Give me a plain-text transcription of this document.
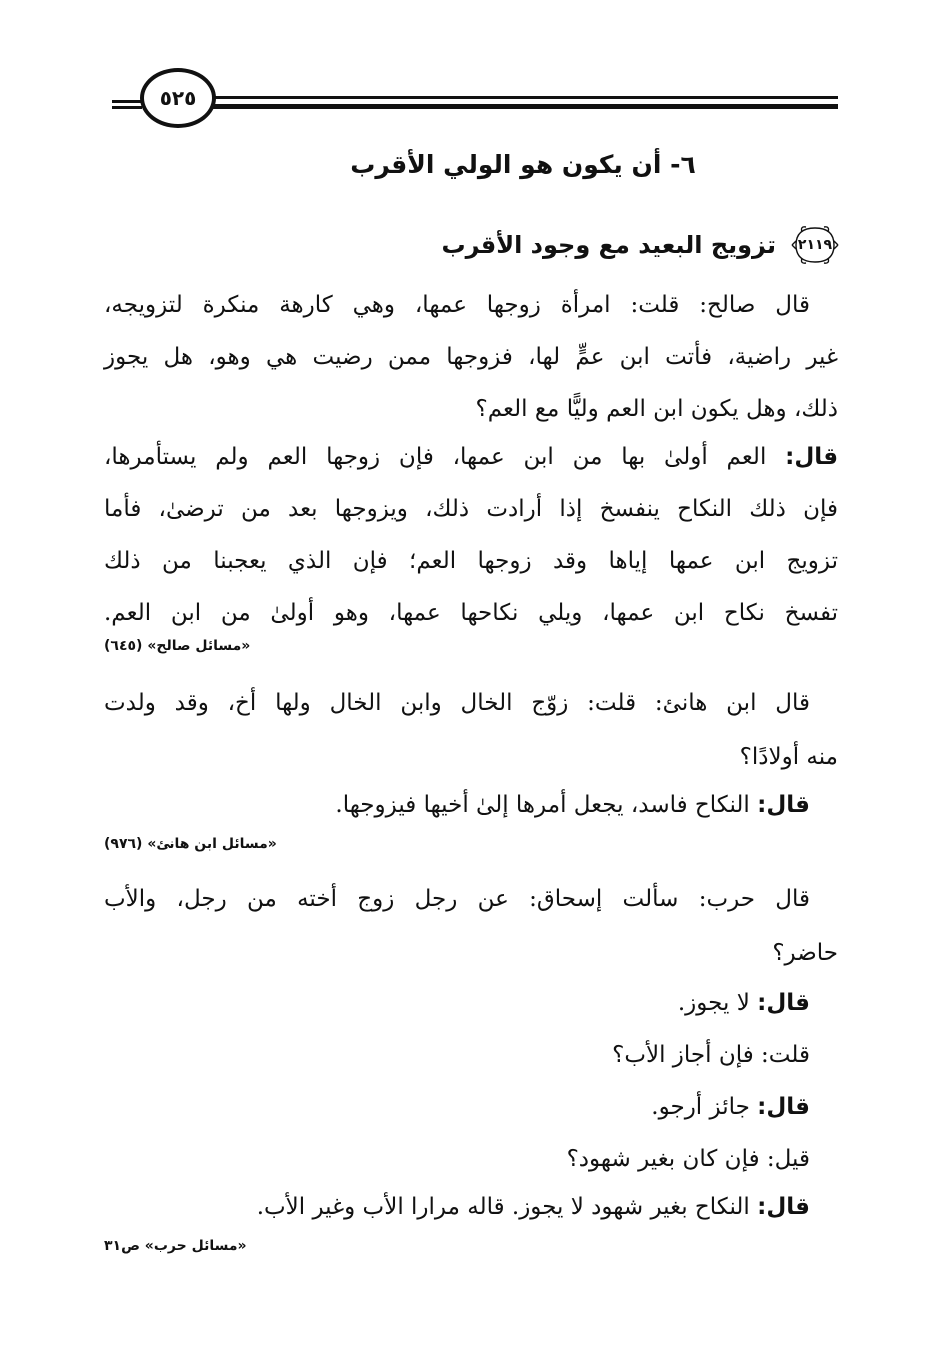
٥٢٥
٦- أن يكون هو الولي الأقرب
٢١١٩
تزويج البعيد مع وجود الأقرب
قال صالح: قلت: امرأة زوجها عمها، وهي كارهة منكرة لتزويجه،
غير راضية، فأتت ابن عمٍّ لها، فزوجها ممن رضيت هي وهو، هل يجوز
ذلك، وهل يكون ابن العم وليًّا مع العم؟
قال: العم أولىٰ بها من ابن عمها، فإن زوجها العم ولم يستأمرها،
فإن ذلك النكاح ينفسخ إذا أرادت ذلك، ويزوجها بعد من ترضىٰ، فأما
تزويج ابن عمها إياها وقد زوجها العم؛ فإن الذي يعجبنا من ذلك
تفسخ نكاح ابن عمها، ويلي نكاحها عمها، وهو أولىٰ من ابن العم.
«مسائل صالح» (٦٤٥)
قال ابن هانئ: قلت: زوّج الخال وابن الخال ولها أخ، وقد ولدت
منه أولادًا؟
قال: النكاح فاسد، يجعل أمرها إلىٰ أخيها فيزوجها.
«مسائل ابن هانئ» (٩٧٦)
قال حرب: سألت إسحاق: عن رجل زوج أخته من رجل، والأب
حاضر؟
قال: لا يجوز.
قلت: فإن أجاز الأب؟
قال: جائز أرجو.
قيل: فإن كان بغير شهود؟
قال: النكاح بغير شهود لا يجوز. قاله مرارا الأب وغير الأب.
«مسائل حرب» ص٣١
